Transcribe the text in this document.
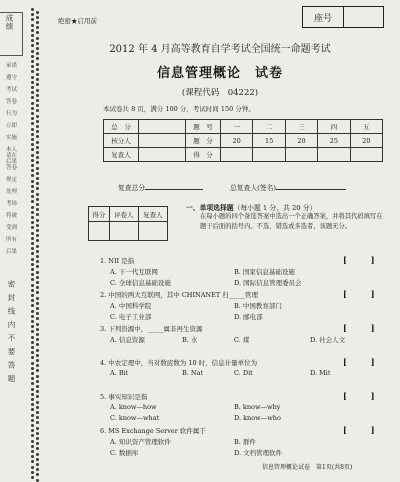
成绩
承诺
遵守
考试
答卷
行为
立即
实施
本人
后果
请在
答卷
规定
处理
考场
将被
受到
所有
后果
密封线内不要答题
绝密★启用前	座号
2012 年 4 月高等教育自学考试全国统一命题考试
信息管理概论　试卷
(课程代码　04222)
本试卷共 8 页，满分 100 分，考试时间 150 分钟。
总　分		题　号	一	二	三	四	五
核分人		题　分	20	15	20	25	20
复查人		得　分					
复查总分	总复查人(签名)
得分	评卷人	复查人

一、单项选择题（每小题 1 分，共 20 分）
在每小题的四个备选答案中选出一个正确答案，并将其代码填写在题干后面的括号内。不选、错选或多选者，该题无分。
1. NII 是指	[	]
A. 下一代互联网	B. 国家信息基础设施
C. 全球信息基础设施	D. 国际信息管理委员会
2. 中国的两大互联网，其中 CHINANET 归_____管理	[	]
A. 中国科学院	B. 中国教育部门
C. 电子工业部	D. 邮电部
3. 下列资源中，_____属非再生资源	[	]
A. 信息资源	B. 水	C. 煤	D. 社会人文
4. 中农定理中，当对数底数为 10 时，信息计量单位为	[	]
A. Bit	B. Nat	C. Dit	D. Mit
5. 事实知识是指	[	]
A. know—how	B. know—why
C. know—what	D. know—who
6. MS Exchange Server 软件属于	[	]
A. 知识资产管理软件	B. 群件
C. 数据库	D. 文档管理软件
信息管理概论试卷　第1页(共8页)
